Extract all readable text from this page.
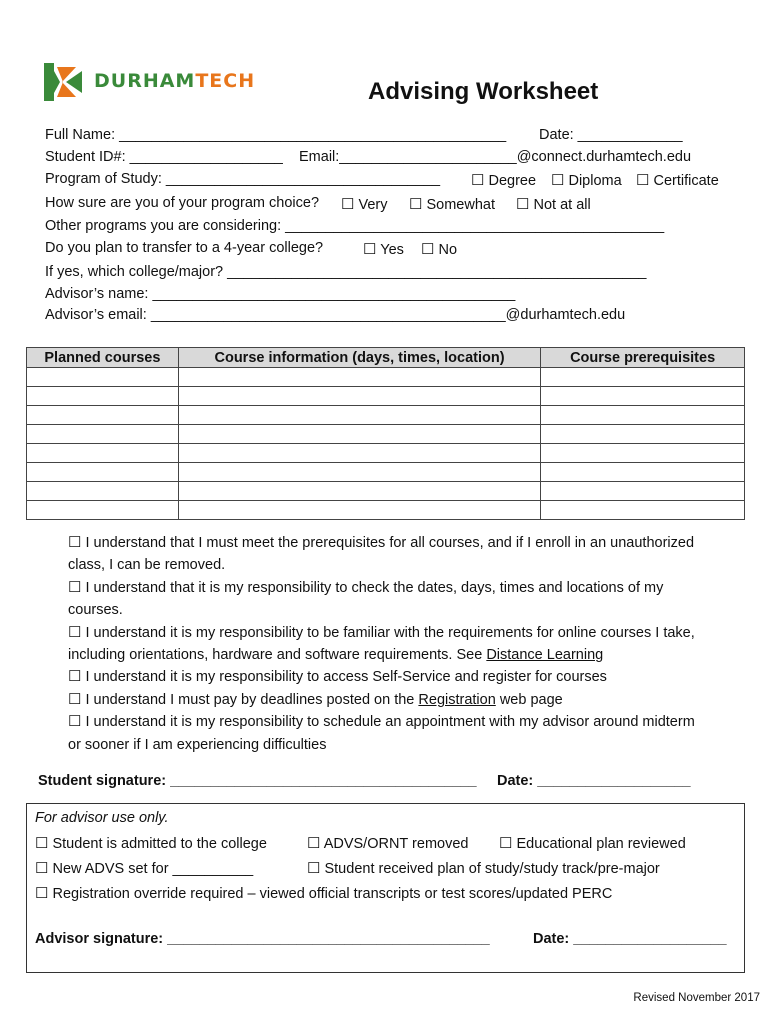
DURHAMTECH	Advising Worksheet
Full Name: ________________________________________________ Date: _____________
Student ID#: ___________________ Email:______________________@connect.durhamtech.edu
Program of Study: __________________________________ ☐ Degree ☐ Diploma ☐ Certificate
How sure are you of your program choice? ☐ Very ☐ Somewhat ☐ Not at all
Other programs you are considering: _______________________________________________
Do you plan to transfer to a 4-year college?	☐ Yes ☐ No
If yes, which college/major? ____________________________________________________
Advisor’s name: _____________________________________________
Advisor’s email: ____________________________________________@durhamtech.edu
Planned courses	Course information (days, times, location)	Course prerequisites

☐ I understand that I must meet the prerequisites for all courses, and if I enroll in an unauthorized class, I can be removed.

☐ I understand that it is my responsibility to check the dates, days, times and locations of my courses.

☐ I understand it is my responsibility to be familiar with the requirements for online courses I take, including orientations, hardware and software requirements. See Distance Learning

☐ I understand it is my responsibility to access Self-Service and register for courses

☐ I understand I must pay by deadlines posted on the Registration web page

☐ I understand it is my responsibility to schedule an appointment with my advisor around midterm or sooner if I am experiencing difficulties

Student signature: ______________________________________ Date: ___________________
For advisor use only.
☐ Student is admitted to the college	☐ ADVS/ORNT removed ☐ Educational plan reviewed
☐ New ADVS set for __________	☐ Student received plan of study/study track/pre-major
☐ Registration override required – viewed official transcripts or test scores/updated PERC
Advisor signature: ________________________________________	Date: ___________________
Revised November 2017
